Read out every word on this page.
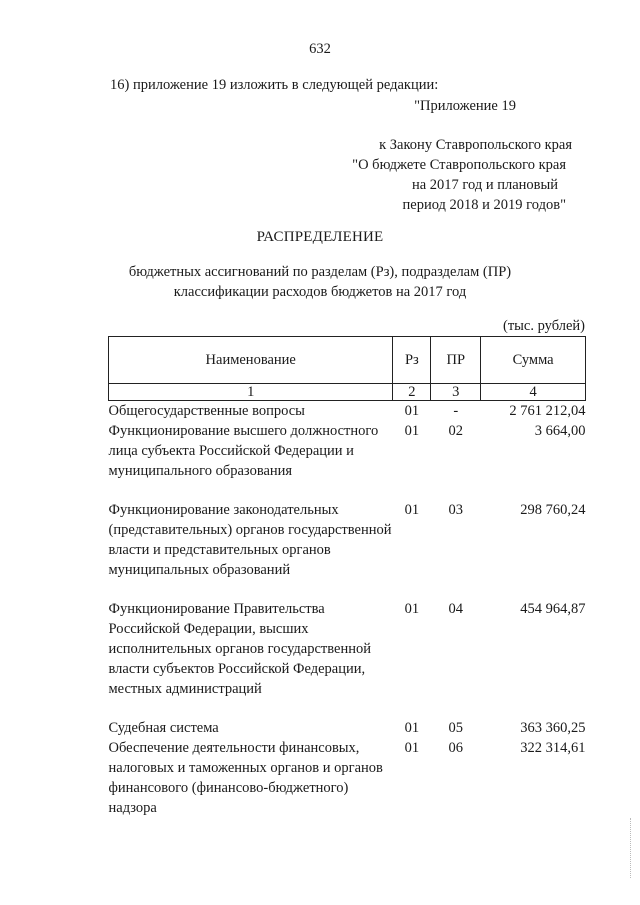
632
16) приложение 19 изложить в следующей редакции:
"Приложение 19
к Закону Ставропольского края
"О бюджете Ставропольского края
на 2017 год и плановый
период 2018 и 2019 годов"
РАСПРЕДЕЛЕНИЕ
бюджетных ассигнований по разделам (Рз), подразделам (ПР)
классификации расходов бюджетов на 2017 год
(тыс. рублей)
Наименование	Рз	ПР	Сумма
1	2	3	4
Общегосударственные вопросы	01	-	2 761 212,04
Функционирование высшего должностного лица субъекта Российской Федерации и муниципального образования	01	02	3 664,00
Функционирование законодательных (представительных) органов государственной власти и представительных органов муниципальных образований	01	03	298 760,24
Функционирование Правительства Российской Федерации, высших исполнительных органов государственной власти субъектов Российской Федерации, местных администраций	01	04	454 964,87
Судебная система	01	05	363 360,25
Обеспечение деятельности финансовых, налоговых и таможенных органов и органов финансового (финансово-бюджетного) надзора	01	06	322 314,61
